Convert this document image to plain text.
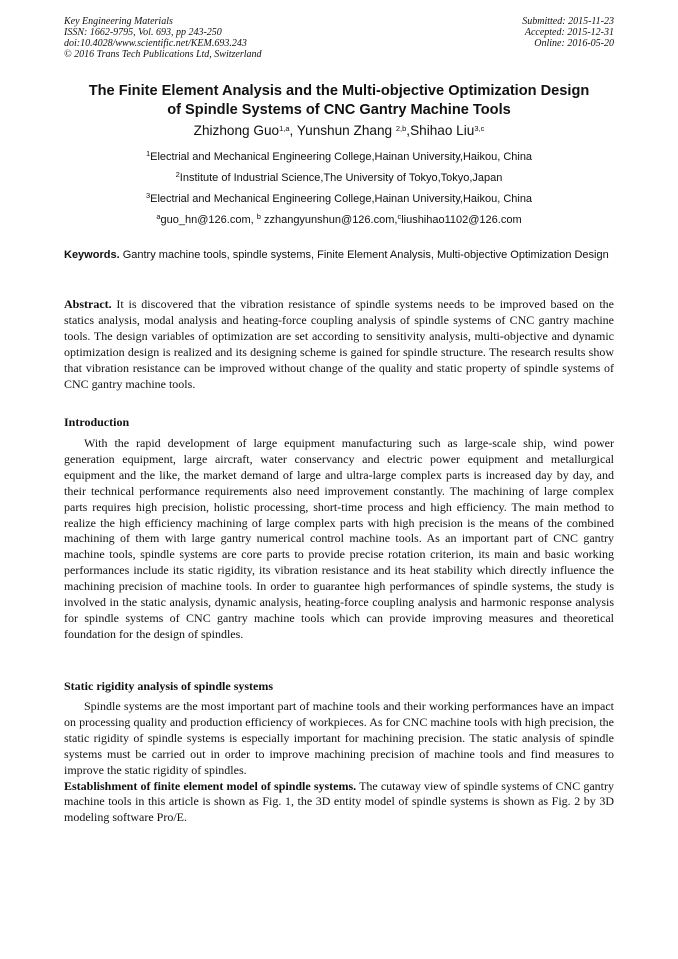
Key Engineering Materials
ISSN: 1662-9795, Vol. 693, pp 243-250
doi:10.4028/www.scientific.net/KEM.693.243
© 2016 Trans Tech Publications Ltd, Switzerland
Submitted: 2015-11-23
Accepted: 2015-12-31
Online: 2016-05-20
The Finite Element Analysis and the Multi-objective Optimization Design
of Spindle Systems of CNC Gantry Machine Tools
Zhizhong Guo$^{1,a}$, Yunshun Zhang $^{2,b}$,Shihao Liu$^{3,c}$
$^1$Electrial and Mechanical Engineering College,Hainan University,Haikou, China
$^2$Institute of Industrial Science,The University of Tokyo,Tokyo,Japan
$^3$Electrial and Mechanical Engineering College,Hainan University,Haikou, China
$^a$guo_hn@126.com, $^b$ zzhangyunshun@126.com,$^c$liushihao1102@126.com
Keywords. Gantry machine tools, spindle systems, Finite Element Analysis, Multi-objective Optimization Design

Abstract. It is discovered that the vibration resistance of spindle systems needs to be improved based on the statics analysis, modal analysis and heating-force coupling analysis of spindle systems of CNC gantry machine tools. The design variables of optimization are set according to sensitivity analysis, multi-objective and dynamic optimization design is realized and its designing scheme is gained for spindle structure. The research results show that vibration resistance can be improved without change of the quality and static property of spindle systems of CNC gantry machine tools.

Introduction

With the rapid development of large equipment manufacturing such as large-scale ship, wind power generation equipment, large aircraft, water conservancy and electric power equipment and metallurgical equipment and the like, the market demand of large and ultra-large complex parts is increased day by day, and their technical performance requirements also need improvement constantly. The machining of large complex parts requires high precision, holistic processing, short-time process and high efficiency. The main method to realize the high efficiency machining of large complex parts with high precision is the means of the combined machining of them with large gantry numerical control machine tools. As an important part of CNC gantry machine tools, spindle systems are core parts to provide precise rotation criterion, its main and basic working performances include its static rigidity, its vibration resistance and its heat stability which directly influence the machining precision of machine tools. In order to guarantee high performances of spindle systems, the study is involved in the static analysis, dynamic analysis, heating-force coupling analysis and harmonic response analysis for spindle systems of CNC gantry machine tools which can provide improving measures and theoretical foundation for the design of spindles.

Static rigidity analysis of spindle systems

Spindle systems are the most important part of machine tools and their working performances have an impact on processing quality and production efficiency of workpieces. As for CNC machine tools with high precision, the static rigidity of spindle systems is especially important for machining precision. The static analysis of spindle systems must be carried out in order to improve machining precision of machine tools and find measures to improve the static rigidity of spindles.

Establishment of finite element model of spindle systems. The cutaway view of spindle systems of CNC gantry machine tools in this article is shown as Fig. 1, the 3D entity model of spindle systems is shown as Fig. 2 by 3D modeling software Pro/E.
